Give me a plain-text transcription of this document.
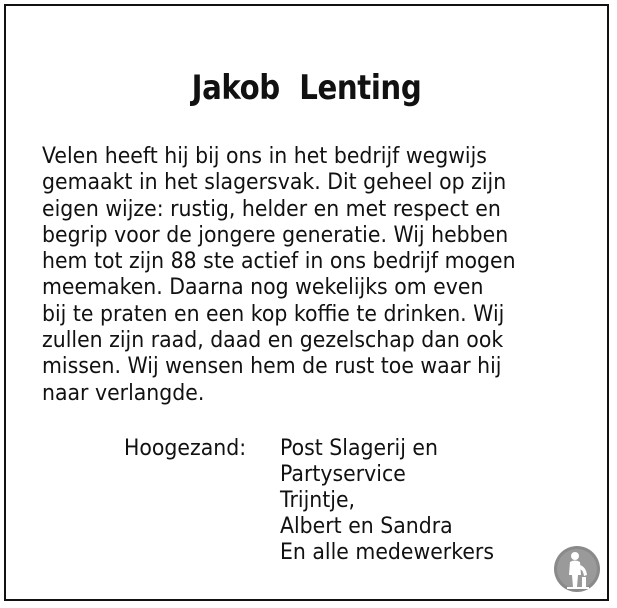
Jakob  Lenting
Velen heeft hij bij ons in het bedrijf wegwijs
gemaakt in het slagersvak. Dit geheel op zijn
eigen wijze: rustig, helder en met respect en
begrip voor de jongere generatie. Wij hebben
hem tot zijn 88 ste actief in ons bedrijf mogen
meemaken. Daarna nog wekelijks om even
bij te praten en een kop koffie te drinken. Wij
zullen zijn raad, daad en gezelschap dan ook
missen. Wij wensen hem de rust toe waar hij
naar verlangde.
Hoogezand: Post Slagerij en
Partyservice
Trijntje,
Albert en Sandra
En alle medewerkers
